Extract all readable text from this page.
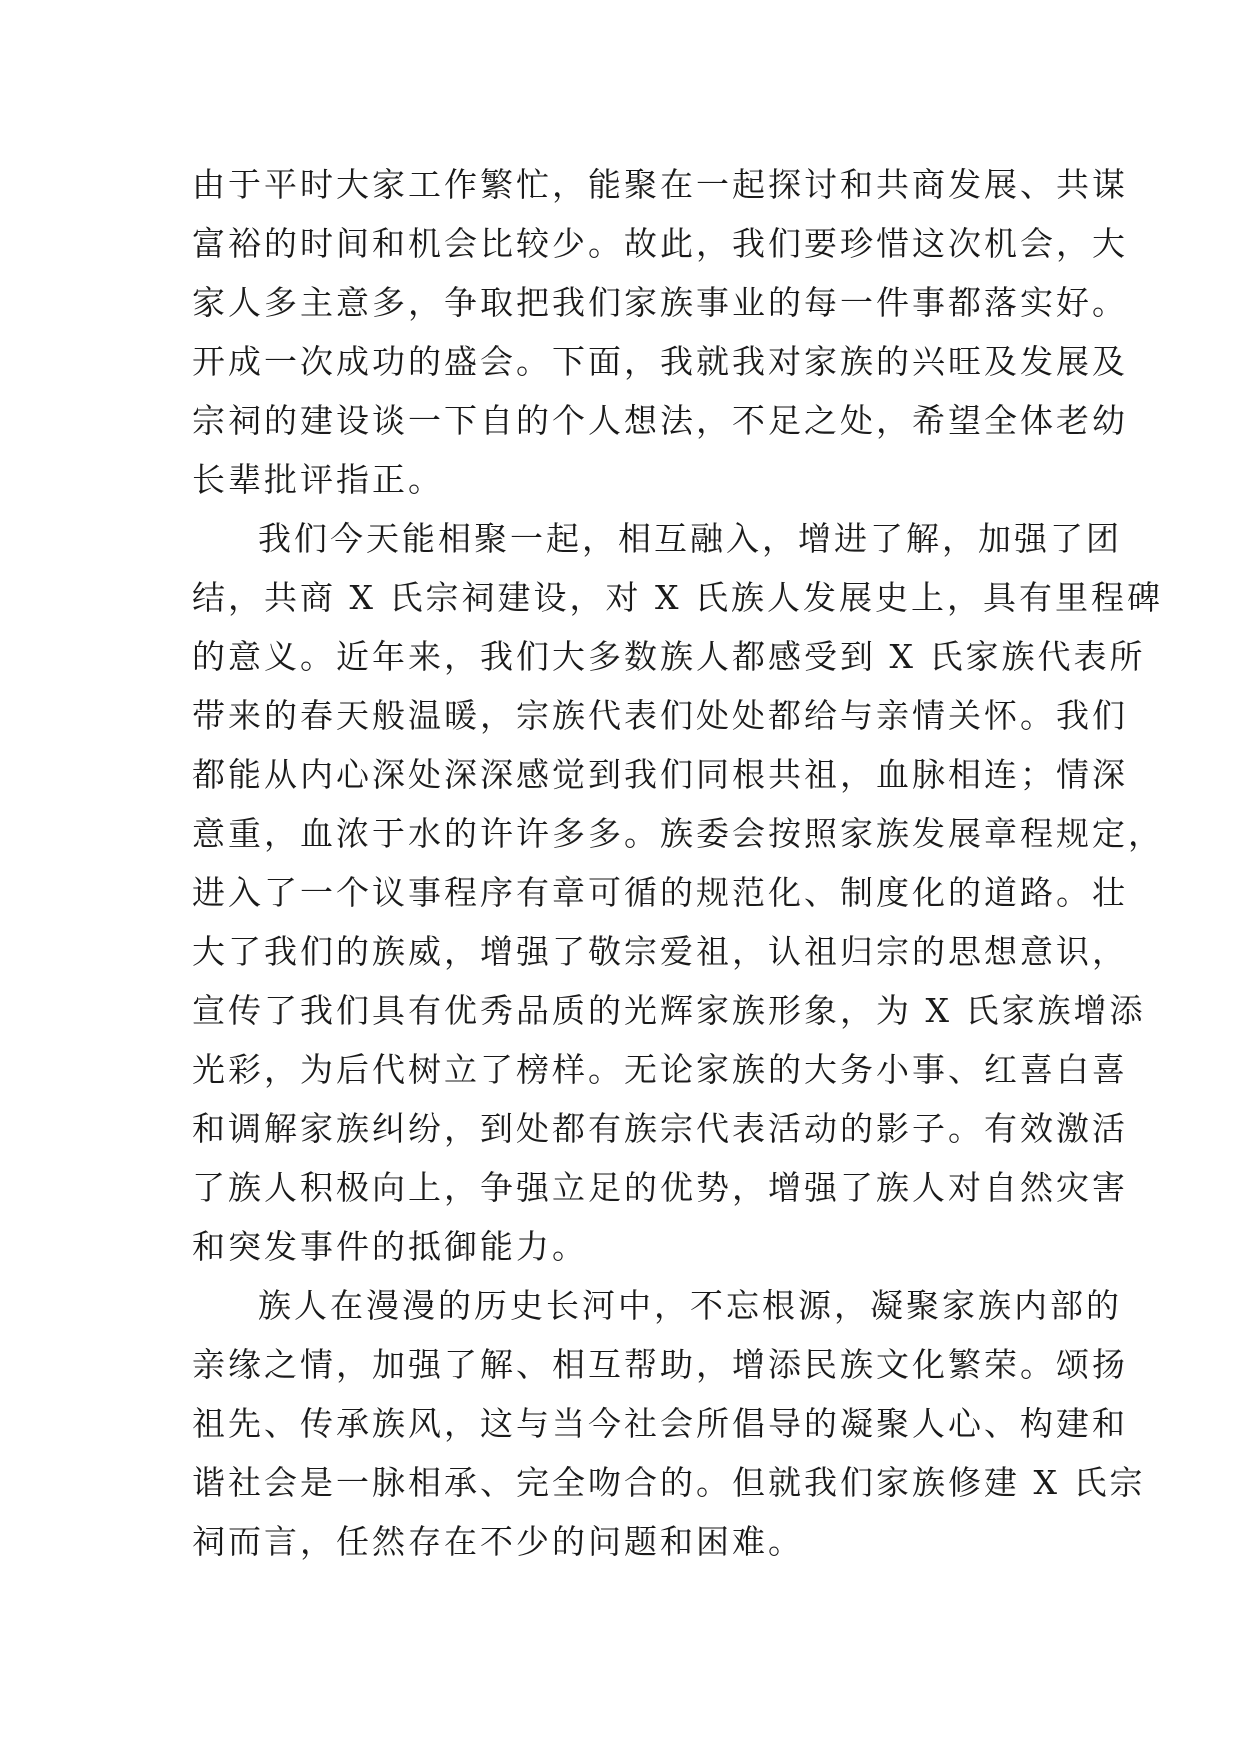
由于平时大家工作繁忙，能聚在一起探讨和共商发展、共谋
富裕的时间和机会比较少。故此，我们要珍惜这次机会，大
家人多主意多，争取把我们家族事业的每一件事都落实好。
开成一次成功的盛会。下面，我就我对家族的兴旺及发展及
宗祠的建设谈一下自的个人想法，不足之处，希望全体老幼
长辈批评指正。
我们今天能相聚一起，相互融入，增进了解，加强了团
结，共商 X 氏宗祠建设，对 X 氏族人发展史上，具有里程碑
的意义。近年来，我们大多数族人都感受到 X 氏家族代表所
带来的春天般温暖，宗族代表们处处都给与亲情关怀。我们
都能从内心深处深深感觉到我们同根共祖，血脉相连；情深
意重，血浓于水的许许多多。族委会按照家族发展章程规定，
进入了一个议事程序有章可循的规范化、制度化的道路。壮
大了我们的族威，增强了敬宗爱祖，认祖归宗的思想意识，
宣传了我们具有优秀品质的光辉家族形象，为 X 氏家族增添
光彩，为后代树立了榜样。无论家族的大务小事、红喜白喜
和调解家族纠纷，到处都有族宗代表活动的影子。有效激活
了族人积极向上，争强立足的优势，增强了族人对自然灾害
和突发事件的抵御能力。
族人在漫漫的历史长河中，不忘根源，凝聚家族内部的
亲缘之情，加强了解、相互帮助，增添民族文化繁荣。颂扬
祖先、传承族风，这与当今社会所倡导的凝聚人心、构建和
谐社会是一脉相承、完全吻合的。但就我们家族修建 X 氏宗
祠而言，任然存在不少的问题和困难。
